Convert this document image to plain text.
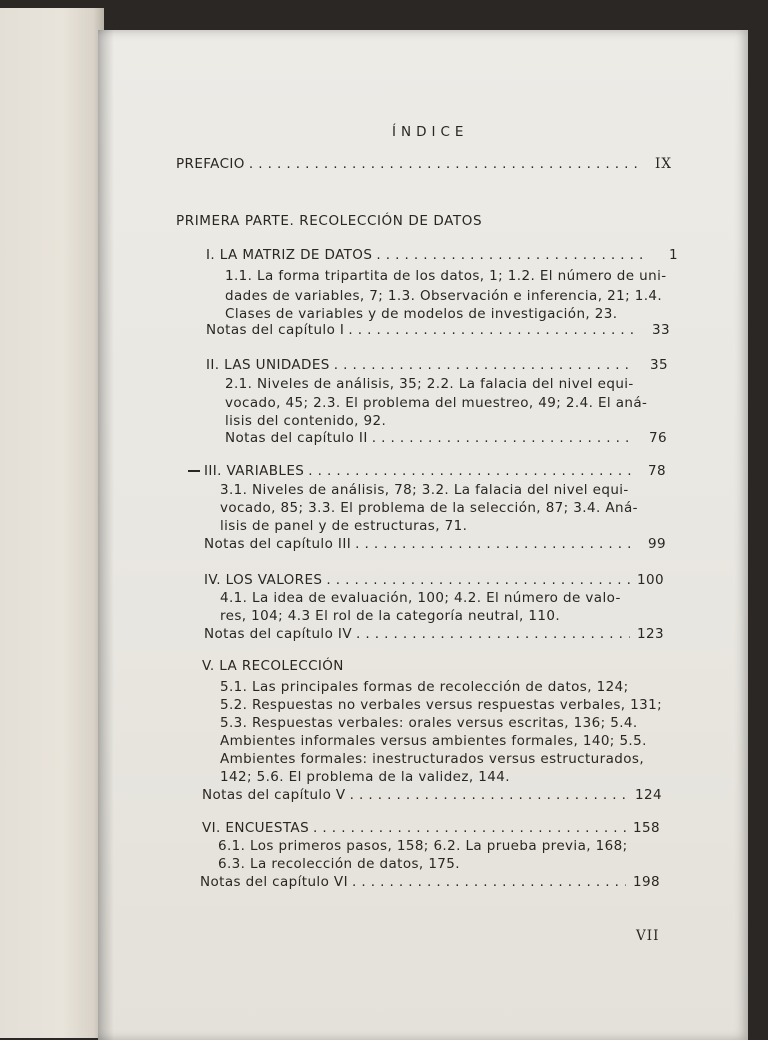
ÍNDICE
PREFACIO . . .	IX
PRIMERA PARTE. RECOLECCIÓN DE DATOS
I. LA MATRIZ DE DATOS . . .	1
1.1. La forma tripartita de los datos, 1; 1.2. El número de uni-
dades de variables, 7; 1.3. Observación e inferencia, 21; 1.4.
Clases de variables y de modelos de investigación, 23.
Notas del capítulo I . . .	33
II. LAS UNIDADES . . .	35
2.1. Niveles de análisis, 35; 2.2. La falacia del nivel equi-
vocado, 45; 2.3. El problema del muestreo, 49; 2.4. El aná-
lisis del contenido, 92.
Notas del capítulo II . . .	76
III. VARIABLES . . .	78
3.1. Niveles de análisis, 78; 3.2. La falacia del nivel equi-
vocado, 85; 3.3. El problema de la selección, 87; 3.4. Aná-
lisis de panel y de estructuras, 71.
Notas del capítulo III . . .	99
IV. LOS VALORES . . .	100
4.1. La idea de evaluación, 100; 4.2. El número de valo-
res, 104; 4.3 El rol de la categoría neutral, 110.
Notas del capítulo IV . . .	123
V. LA RECOLECCIÓN
5.1. Las principales formas de recolección de datos, 124;
5.2. Respuestas no verbales versus respuestas verbales, 131;
5.3. Respuestas verbales: orales versus escritas, 136; 5.4.
Ambientes informales versus ambientes formales, 140; 5.5.
Ambientes formales: inestructurados versus estructurados,
142; 5.6. El problema de la validez, 144.
Notas del capítulo V . . .	124
VI. ENCUESTAS . . .	158
6.1. Los primeros pasos, 158; 6.2. La prueba previa, 168;
6.3. La recolección de datos, 175.
Notas del capítulo VI . . .	198
VII
